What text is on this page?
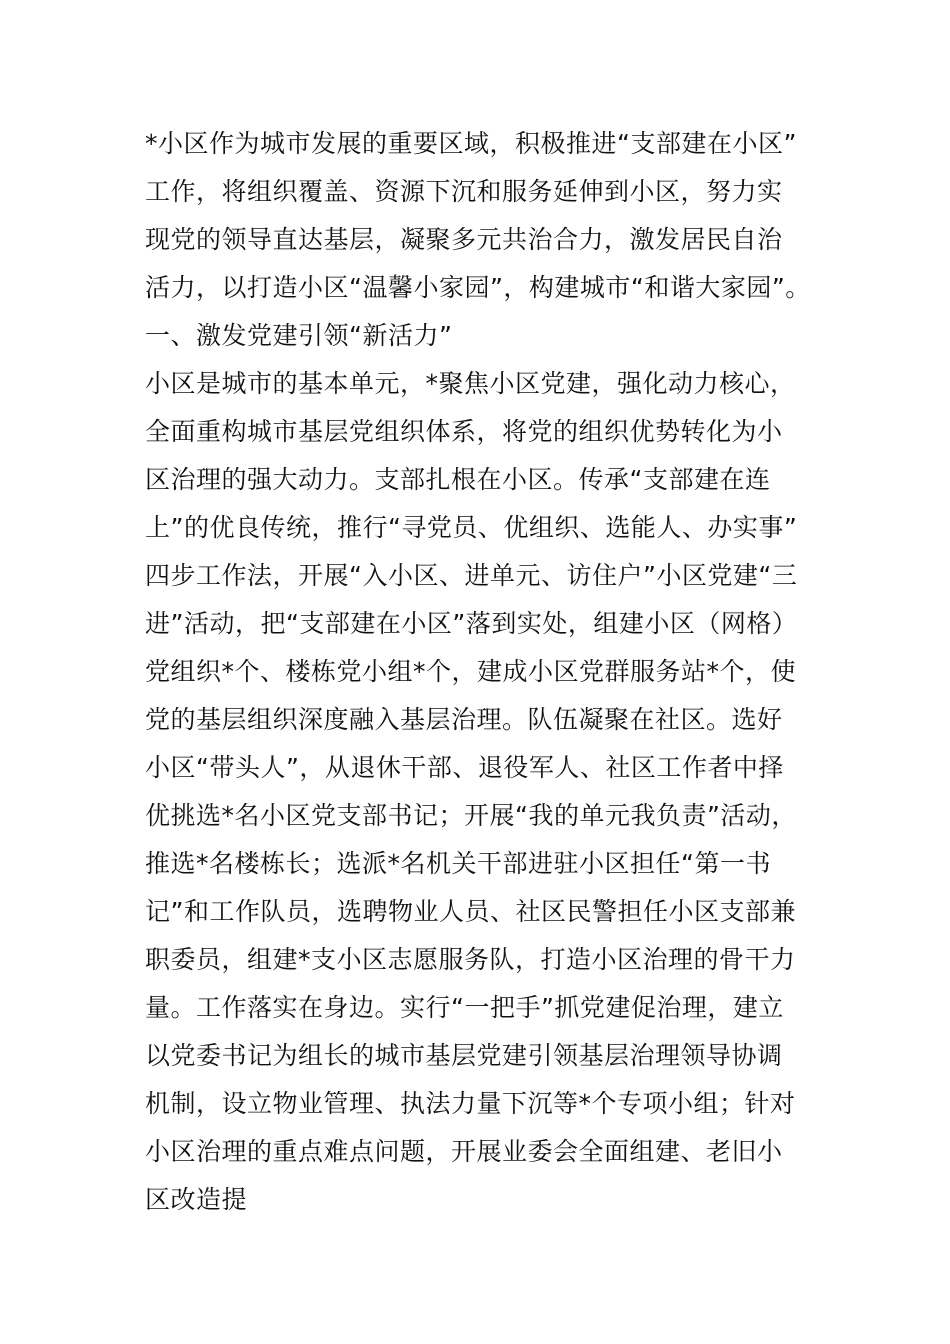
*小区作为城市发展的重要区域，积极推进“支部建在小区”
工作，将组织覆盖、资源下沉和服务延伸到小区，努力实
现党的领导直达基层，凝聚多元共治合力，激发居民自治
活力，以打造小区“温馨小家园”，构建城市“和谐大家园”。
一、激发党建引领“新活力”
小区是城市的基本单元，*聚焦小区党建，强化动力核心，
全面重构城市基层党组织体系，将党的组织优势转化为小
区治理的强大动力。支部扎根在小区。传承“支部建在连
上”的优良传统，推行“寻党员、优组织、选能人、办实事”
四步工作法，开展“入小区、进单元、访住户”小区党建“三
进”活动，把“支部建在小区”落到实处，组建小区（网格）
党组织*个、楼栋党小组*个，建成小区党群服务站*个，使
党的基层组织深度融入基层治理。队伍凝聚在社区。选好
小区“带头人”，从退休干部、退役军人、社区工作者中择
优挑选*名小区党支部书记；开展“我的单元我负责”活动，
推选*名楼栋长；选派*名机关干部进驻小区担任“第一书
记”和工作队员，选聘物业人员、社区民警担任小区支部兼
职委员，组建*支小区志愿服务队，打造小区治理的骨干力
量。工作落实在身边。实行“一把手”抓党建促治理，建立
以党委书记为组长的城市基层党建引领基层治理领导协调
机制，设立物业管理、执法力量下沉等*个专项小组；针对
小区治理的重点难点问题，开展业委会全面组建、老旧小
区改造提
